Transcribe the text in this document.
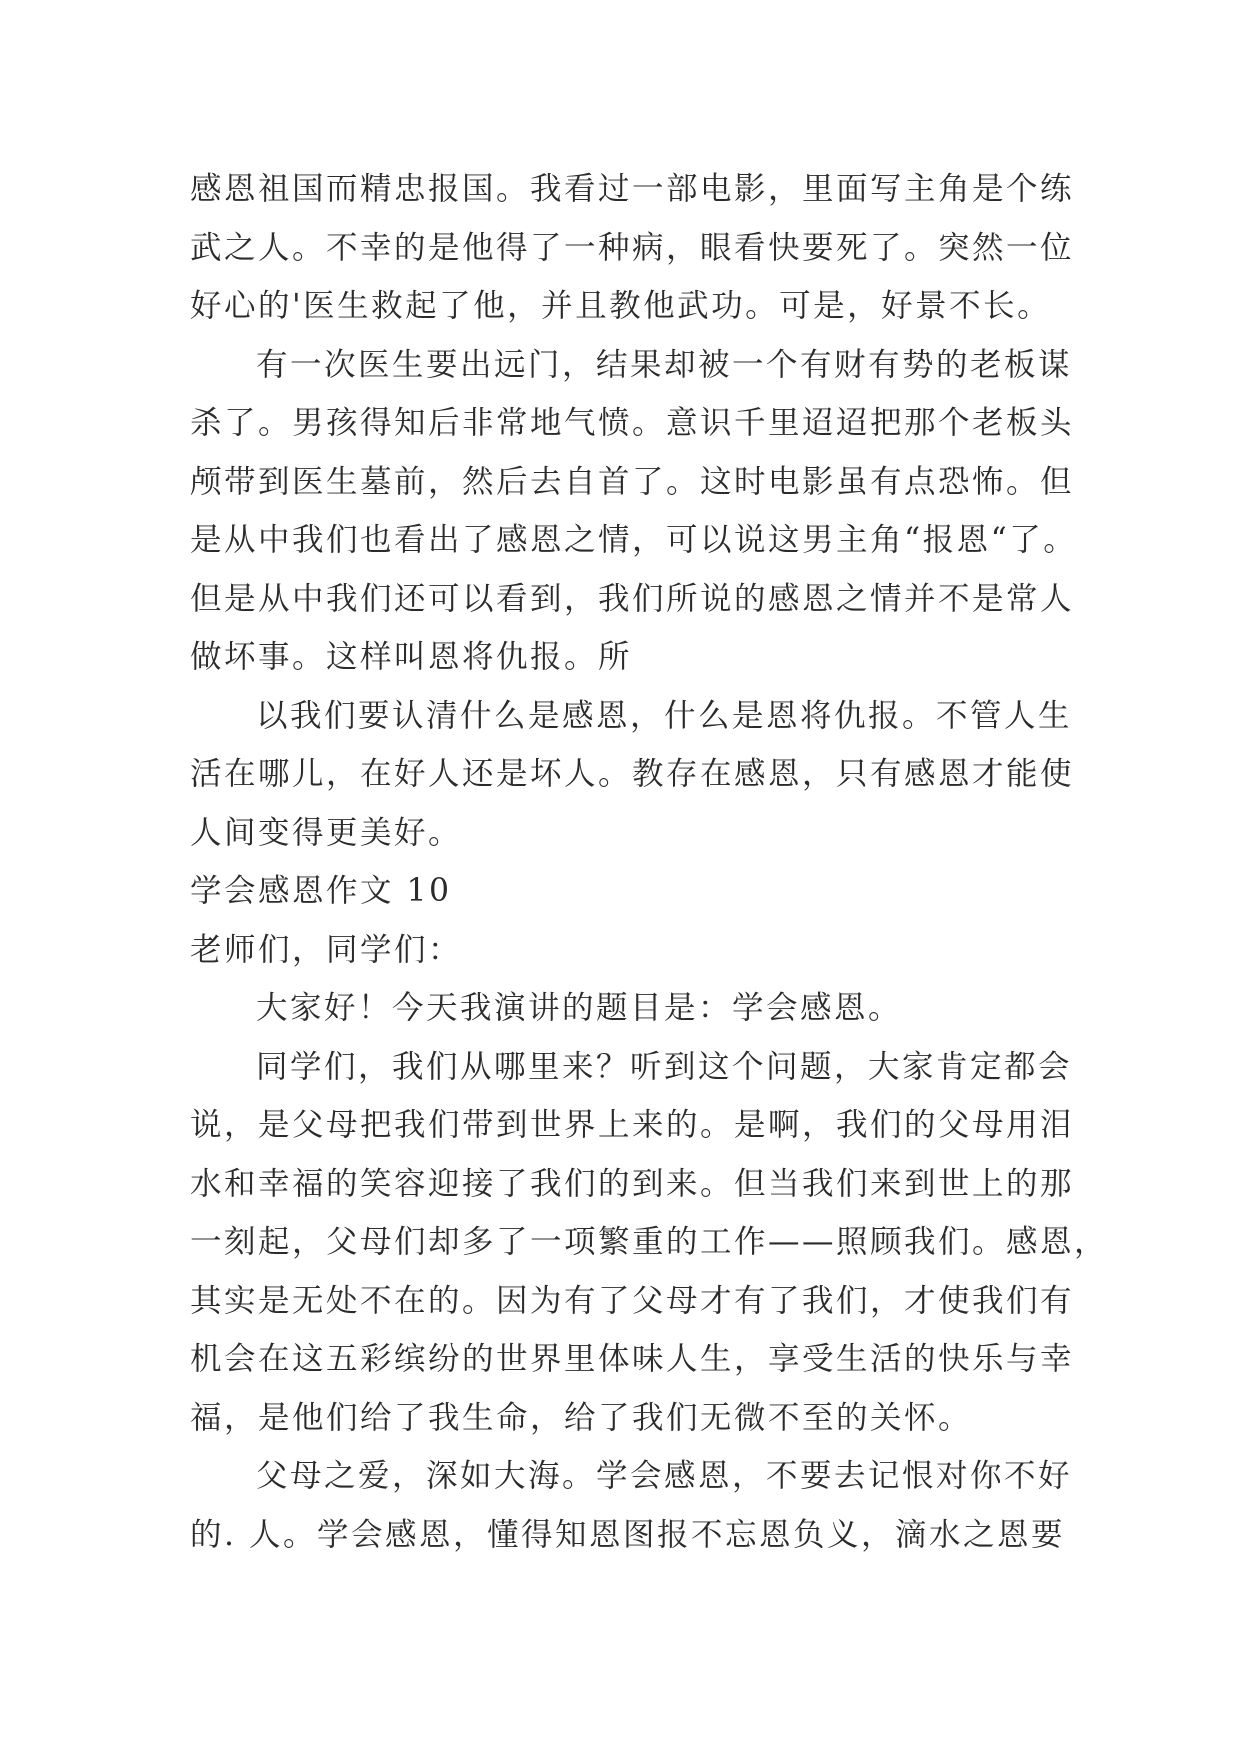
感恩祖国而精忠报国。我看过一部电影，里面写主角是个练
武之人。不幸的是他得了一种病，眼看快要死了。突然一位
好心的'医生救起了他，并且教他武功。可是，好景不长。
有一次医生要出远门，结果却被一个有财有势的老板谋
杀了。男孩得知后非常地气愤。意识千里迢迢把那个老板头
颅带到医生墓前，然后去自首了。这时电影虽有点恐怖。但
是从中我们也看出了感恩之情，可以说这男主角“报恩“了。
但是从中我们还可以看到，我们所说的感恩之情并不是常人
做坏事。这样叫恩将仇报。所
以我们要认清什么是感恩，什么是恩将仇报。不管人生
活在哪儿，在好人还是坏人。教存在感恩，只有感恩才能使
人间变得更美好。
学会感恩作文 10
老师们，同学们：
大家好！今天我演讲的题目是：学会感恩。
同学们，我们从哪里来？听到这个问题，大家肯定都会
说，是父母把我们带到世界上来的。是啊，我们的父母用泪
水和幸福的笑容迎接了我们的到来。但当我们来到世上的那
一刻起，父母们却多了一项繁重的工作——照顾我们。感恩，
其实是无处不在的。因为有了父母才有了我们，才使我们有
机会在这五彩缤纷的世界里体味人生，享受生活的快乐与幸
福，是他们给了我生命，给了我们无微不至的关怀。
父母之爱，深如大海。学会感恩，不要去记恨对你不好
的. 人。学会感恩，懂得知恩图报不忘恩负义，滴水之恩要
